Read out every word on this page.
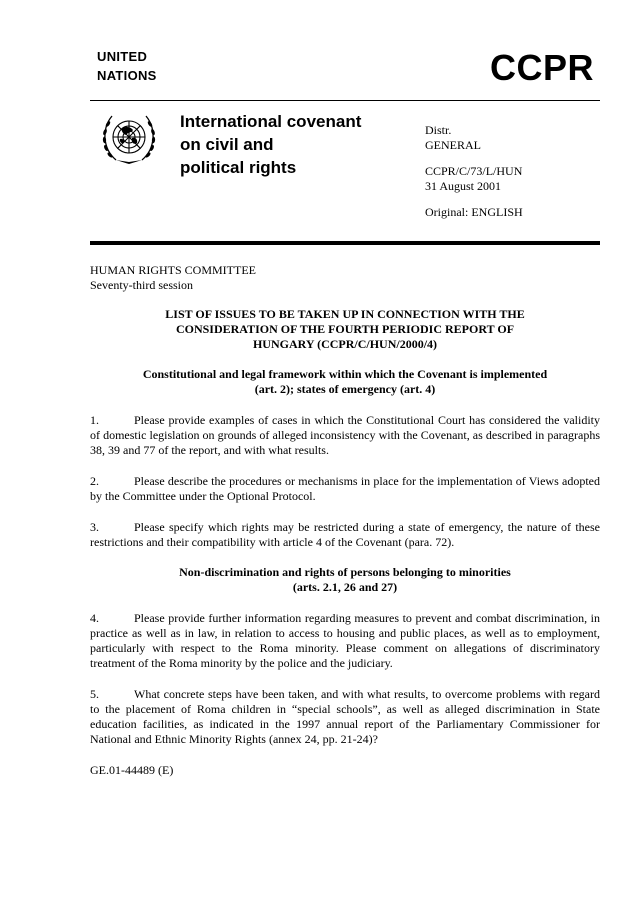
UNITED
NATIONS	CCPR
International covenant
on civil and
political rights
Distr.
GENERAL
CCPR/C/73/L/HUN
31 August 2001
Original: ENGLISH
HUMAN RIGHTS COMMITTEE
Seventy-third session
LIST OF ISSUES TO BE TAKEN UP IN CONNECTION WITH THE
CONSIDERATION OF THE FOURTH PERIODIC REPORT OF
HUNGARY (CCPR/C/HUN/2000/4)
Constitutional and legal framework within which the Covenant is implemented
(art. 2); states of emergency (art. 4)

1.	Please provide examples of cases in which the Constitutional Court has considered the validity of domestic legislation on grounds of alleged inconsistency with the Covenant, as described in paragraphs 38, 39 and 77 of the report, and with what results.

2.	Please describe the procedures or mechanisms in place for the implementation of Views adopted by the Committee under the Optional Protocol.

3.	Please specify which rights may be restricted during a state of emergency, the nature of these restrictions and their compatibility with article 4 of the Covenant (para. 72).

Non-discrimination and rights of persons belonging to minorities
(arts. 2.1, 26 and 27)

4.	Please provide further information regarding measures to prevent and combat discrimination, in practice as well as in law, in relation to access to housing and public places, as well as to employment, particularly with respect to the Roma minority. Please comment on allegations of discriminatory treatment of the Roma minority by the police and the judiciary.

5.	What concrete steps have been taken, and with what results, to overcome problems with regard to the placement of Roma children in “special schools”, as well as alleged discrimination in State education facilities, as indicated in the 1997 annual report of the Parliamentary Commissioner for National and Ethnic Minority Rights (annex 24, pp. 21-24)?

GE.01-44489 (E)
